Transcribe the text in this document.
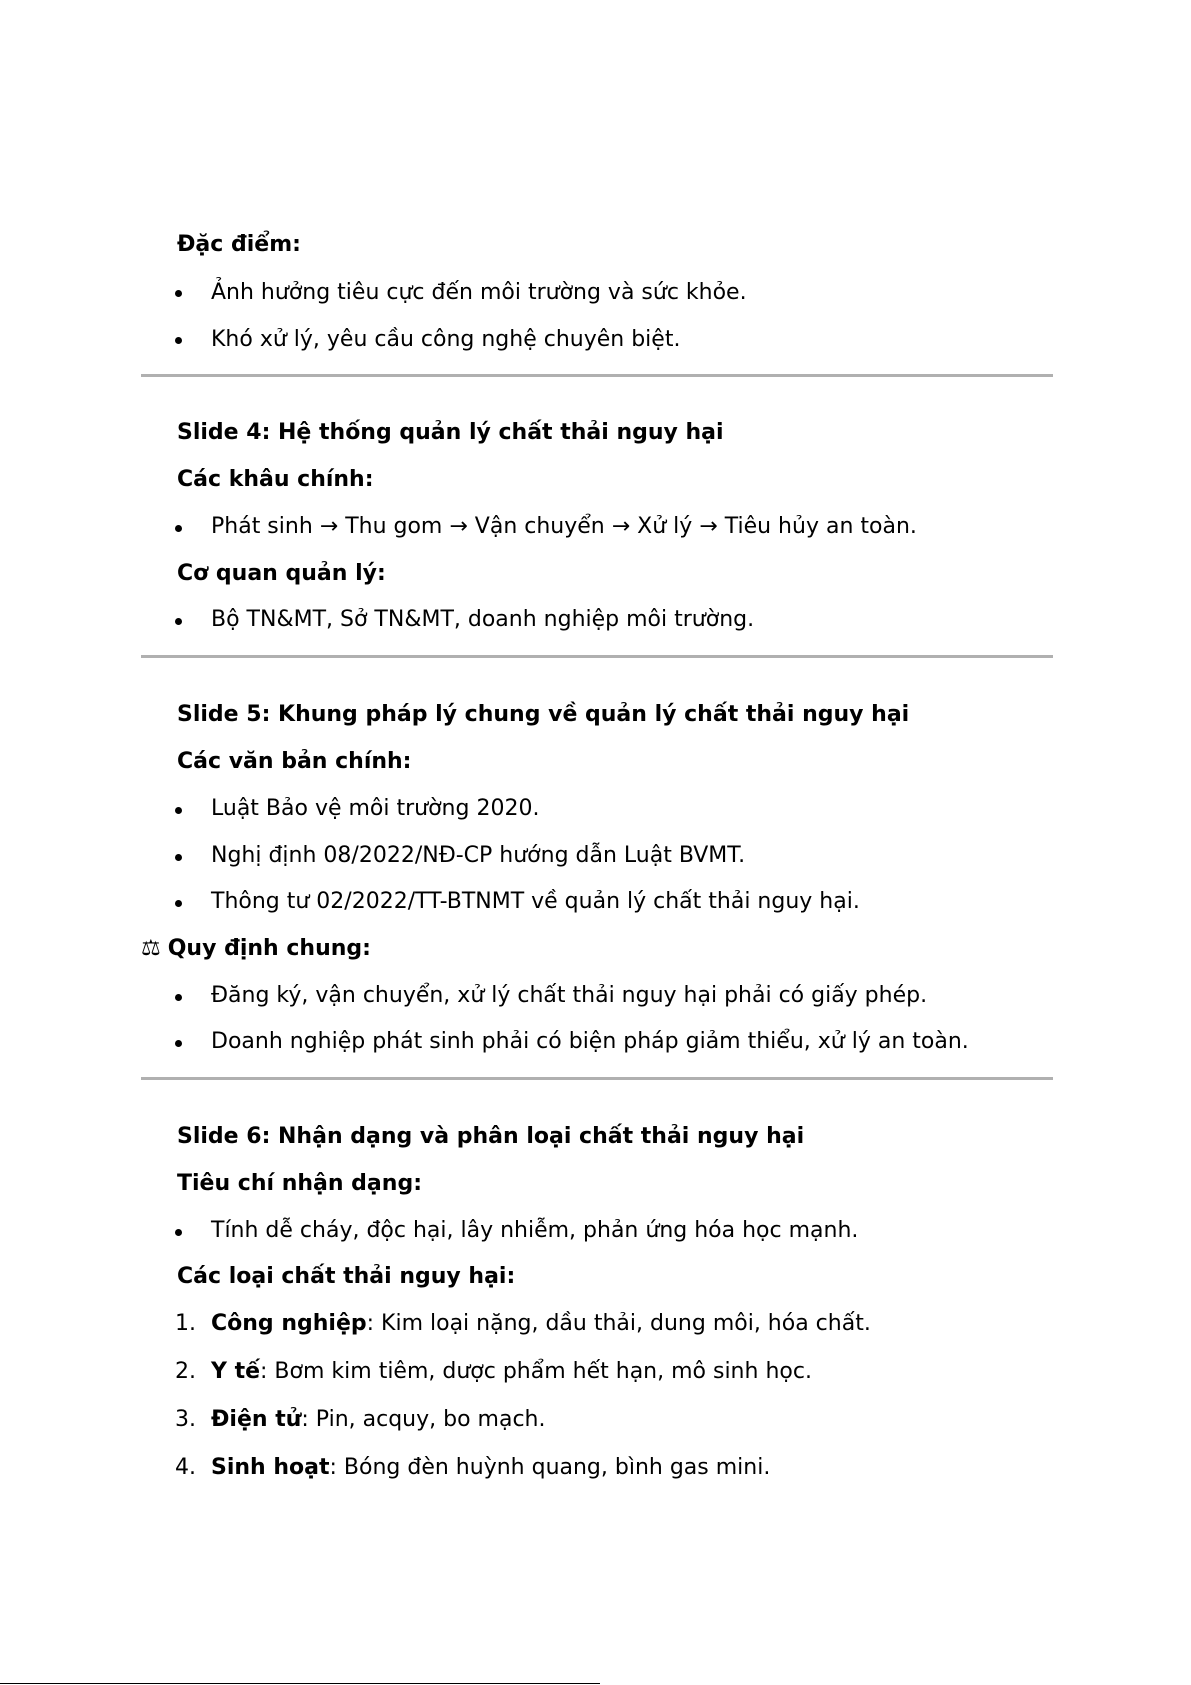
Đặc điểm:
Ảnh hưởng tiêu cực đến môi trường và sức khỏe.
Khó xử lý, yêu cầu công nghệ chuyên biệt.
Slide 4: Hệ thống quản lý chất thải nguy hại
Các khâu chính:
Phát sinh → Thu gom → Vận chuyển → Xử lý → Tiêu hủy an toàn.
Cơ quan quản lý:
Bộ TN&MT, Sở TN&MT, doanh nghiệp môi trường.
Slide 5: Khung pháp lý chung về quản lý chất thải nguy hại
Các văn bản chính:
Luật Bảo vệ môi trường 2020.
Nghị định 08/2022/NĐ-CP hướng dẫn Luật BVMT.
Thông tư 02/2022/TT-BTNMT về quản lý chất thải nguy hại.
⚖ Quy định chung:
Đăng ký, vận chuyển, xử lý chất thải nguy hại phải có giấy phép.
Doanh nghiệp phát sinh phải có biện pháp giảm thiểu, xử lý an toàn.
Slide 6: Nhận dạng và phân loại chất thải nguy hại
Tiêu chí nhận dạng:
Tính dễ cháy, độc hại, lây nhiễm, phản ứng hóa học mạnh.
Các loại chất thải nguy hại:
1. Công nghiệp: Kim loại nặng, dầu thải, dung môi, hóa chất.
2. Y tế: Bơm kim tiêm, dược phẩm hết hạn, mô sinh học.
3. Điện tử: Pin, acquy, bo mạch.
4. Sinh hoạt: Bóng đèn huỳnh quang, bình gas mini.
